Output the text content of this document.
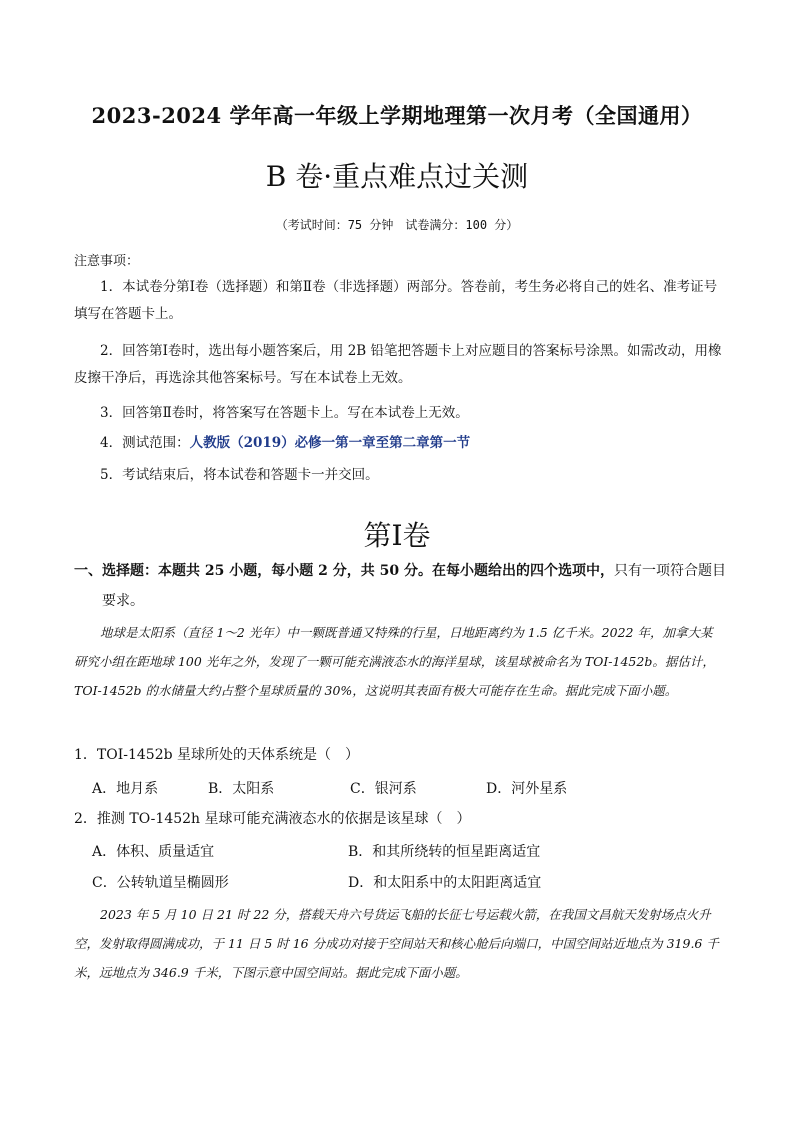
2023-2024 学年高一年级上学期地理第一次月考（全国通用）
B 卷·重点难点过关测
（考试时间：75 分钟　试卷满分：100 分）
注意事项：
1．本试卷分第Ⅰ卷（选择题）和第Ⅱ卷（非选择题）两部分。答卷前，考生务必将自己的姓名、准考证号填写在答题卡上。
2．回答第Ⅰ卷时，选出每小题答案后，用 2B 铅笔把答题卡上对应题目的答案标号涂黑。如需改动，用橡皮擦干净后，再选涂其他答案标号。写在本试卷上无效。
3．回答第Ⅱ卷时，将答案写在答题卡上。写在本试卷上无效。
4．测试范围：人教版（2019）必修一第一章至第二章第一节
5．考试结束后，将本试卷和答题卡一并交回。
第Ⅰ卷
一、选择题：本题共 25 小题，每小题 2 分，共 50 分。在每小题给出的四个选项中，只有一项符合题目要求。
地球是太阳系（直径 1～2 光年）中一颗既普通又特殊的行星，日地距离约为 1.5 亿千米。2022 年，加拿大某研究小组在距地球 100 光年之外，发现了一颗可能充满液态水的海洋星球，该星球被命名为 TOI-1452b。据估计，TOI-1452b 的水储量大约占整个星球质量的 30%，这说明其表面有极大可能存在生命。据此完成下面小题。
1．TOI-1452b 星球所处的天体系统是（　）
A．地月系	B．太阳系	C．银河系	D．河外星系
2．推测 TO-1452h 星球可能充满液态水的依据是该星球（　）
A．体积、质量适宜	B．和其所绕转的恒星距离适宜
C．公转轨道呈椭圆形	D．和太阳系中的太阳距离适宜
2023 年 5 月 10 日 21 时 22 分，搭载天舟六号货运飞船的长征七号运载火箭，在我国文昌航天发射场点火升空，发射取得圆满成功，于 11 日 5 时 16 分成功对接于空间站天和核心舱后向端口，中国空间站近地点为 319.6 千米，远地点为 346.9 千米，下图示意中国空间站。据此完成下面小题。
